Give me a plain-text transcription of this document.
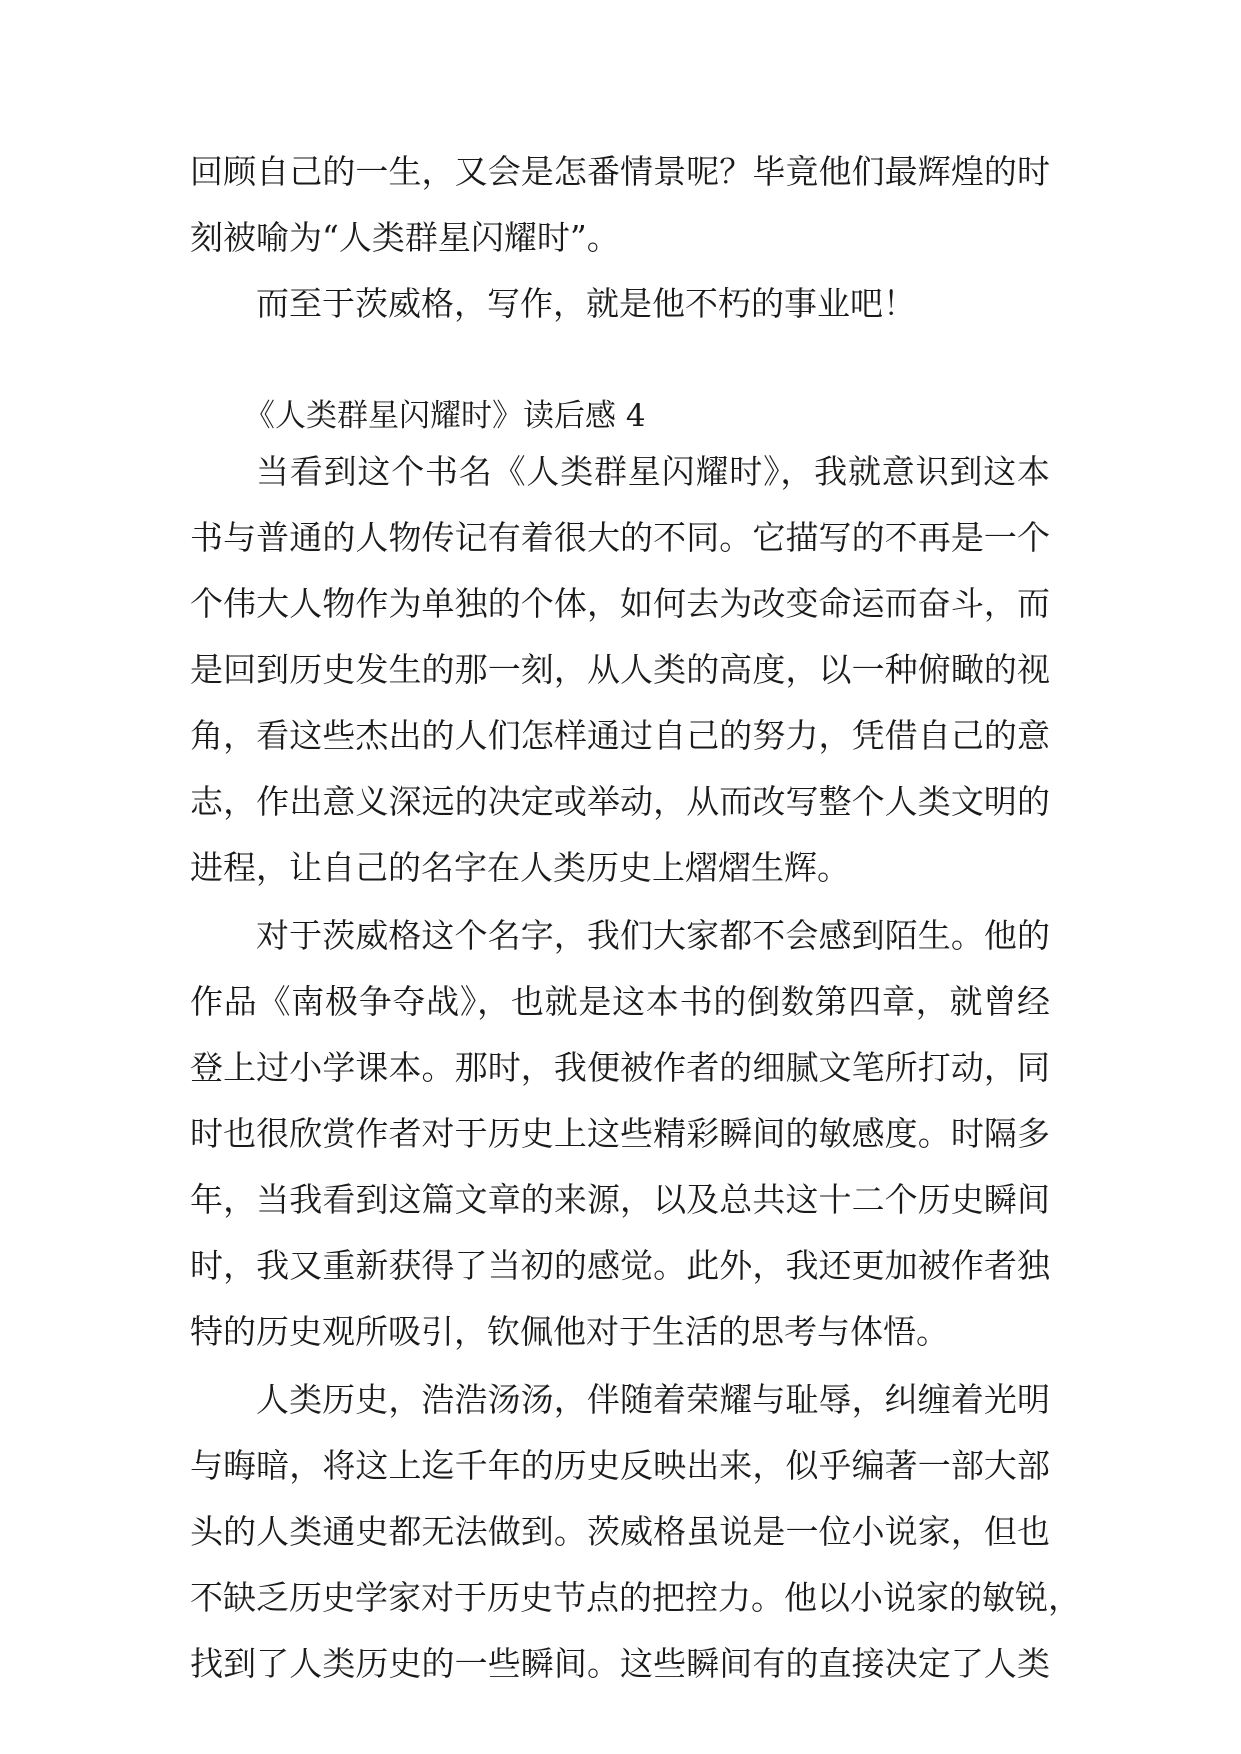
回顾自己的一生，又会是怎番情景呢？毕竟他们最辉煌的时
刻被喻为“人类群星闪耀时”。
而至于茨威格，写作，就是他不朽的事业吧！
《人类群星闪耀时》读后感 4
当看到这个书名《人类群星闪耀时》，我就意识到这本
书与普通的人物传记有着很大的不同。它描写的不再是一个
个伟大人物作为单独的个体，如何去为改变命运而奋斗，而
是回到历史发生的那一刻，从人类的高度，以一种俯瞰的视
角，看这些杰出的人们怎样通过自己的努力，凭借自己的意
志，作出意义深远的决定或举动，从而改写整个人类文明的
进程，让自己的名字在人类历史上熠熠生辉。
对于茨威格这个名字，我们大家都不会感到陌生。他的
作品《南极争夺战》，也就是这本书的倒数第四章，就曾经
登上过小学课本。那时，我便被作者的细腻文笔所打动，同
时也很欣赏作者对于历史上这些精彩瞬间的敏感度。时隔多
年，当我看到这篇文章的来源，以及总共这十二个历史瞬间
时，我又重新获得了当初的感觉。此外，我还更加被作者独
特的历史观所吸引，钦佩他对于生活的思考与体悟。
人类历史，浩浩汤汤，伴随着荣耀与耻辱，纠缠着光明
与晦暗，将这上迄千年的历史反映出来，似乎编著一部大部
头的人类通史都无法做到。茨威格虽说是一位小说家，但也
不缺乏历史学家对于历史节点的把控力。他以小说家的敏锐，
找到了人类历史的一些瞬间。这些瞬间有的直接决定了人类
